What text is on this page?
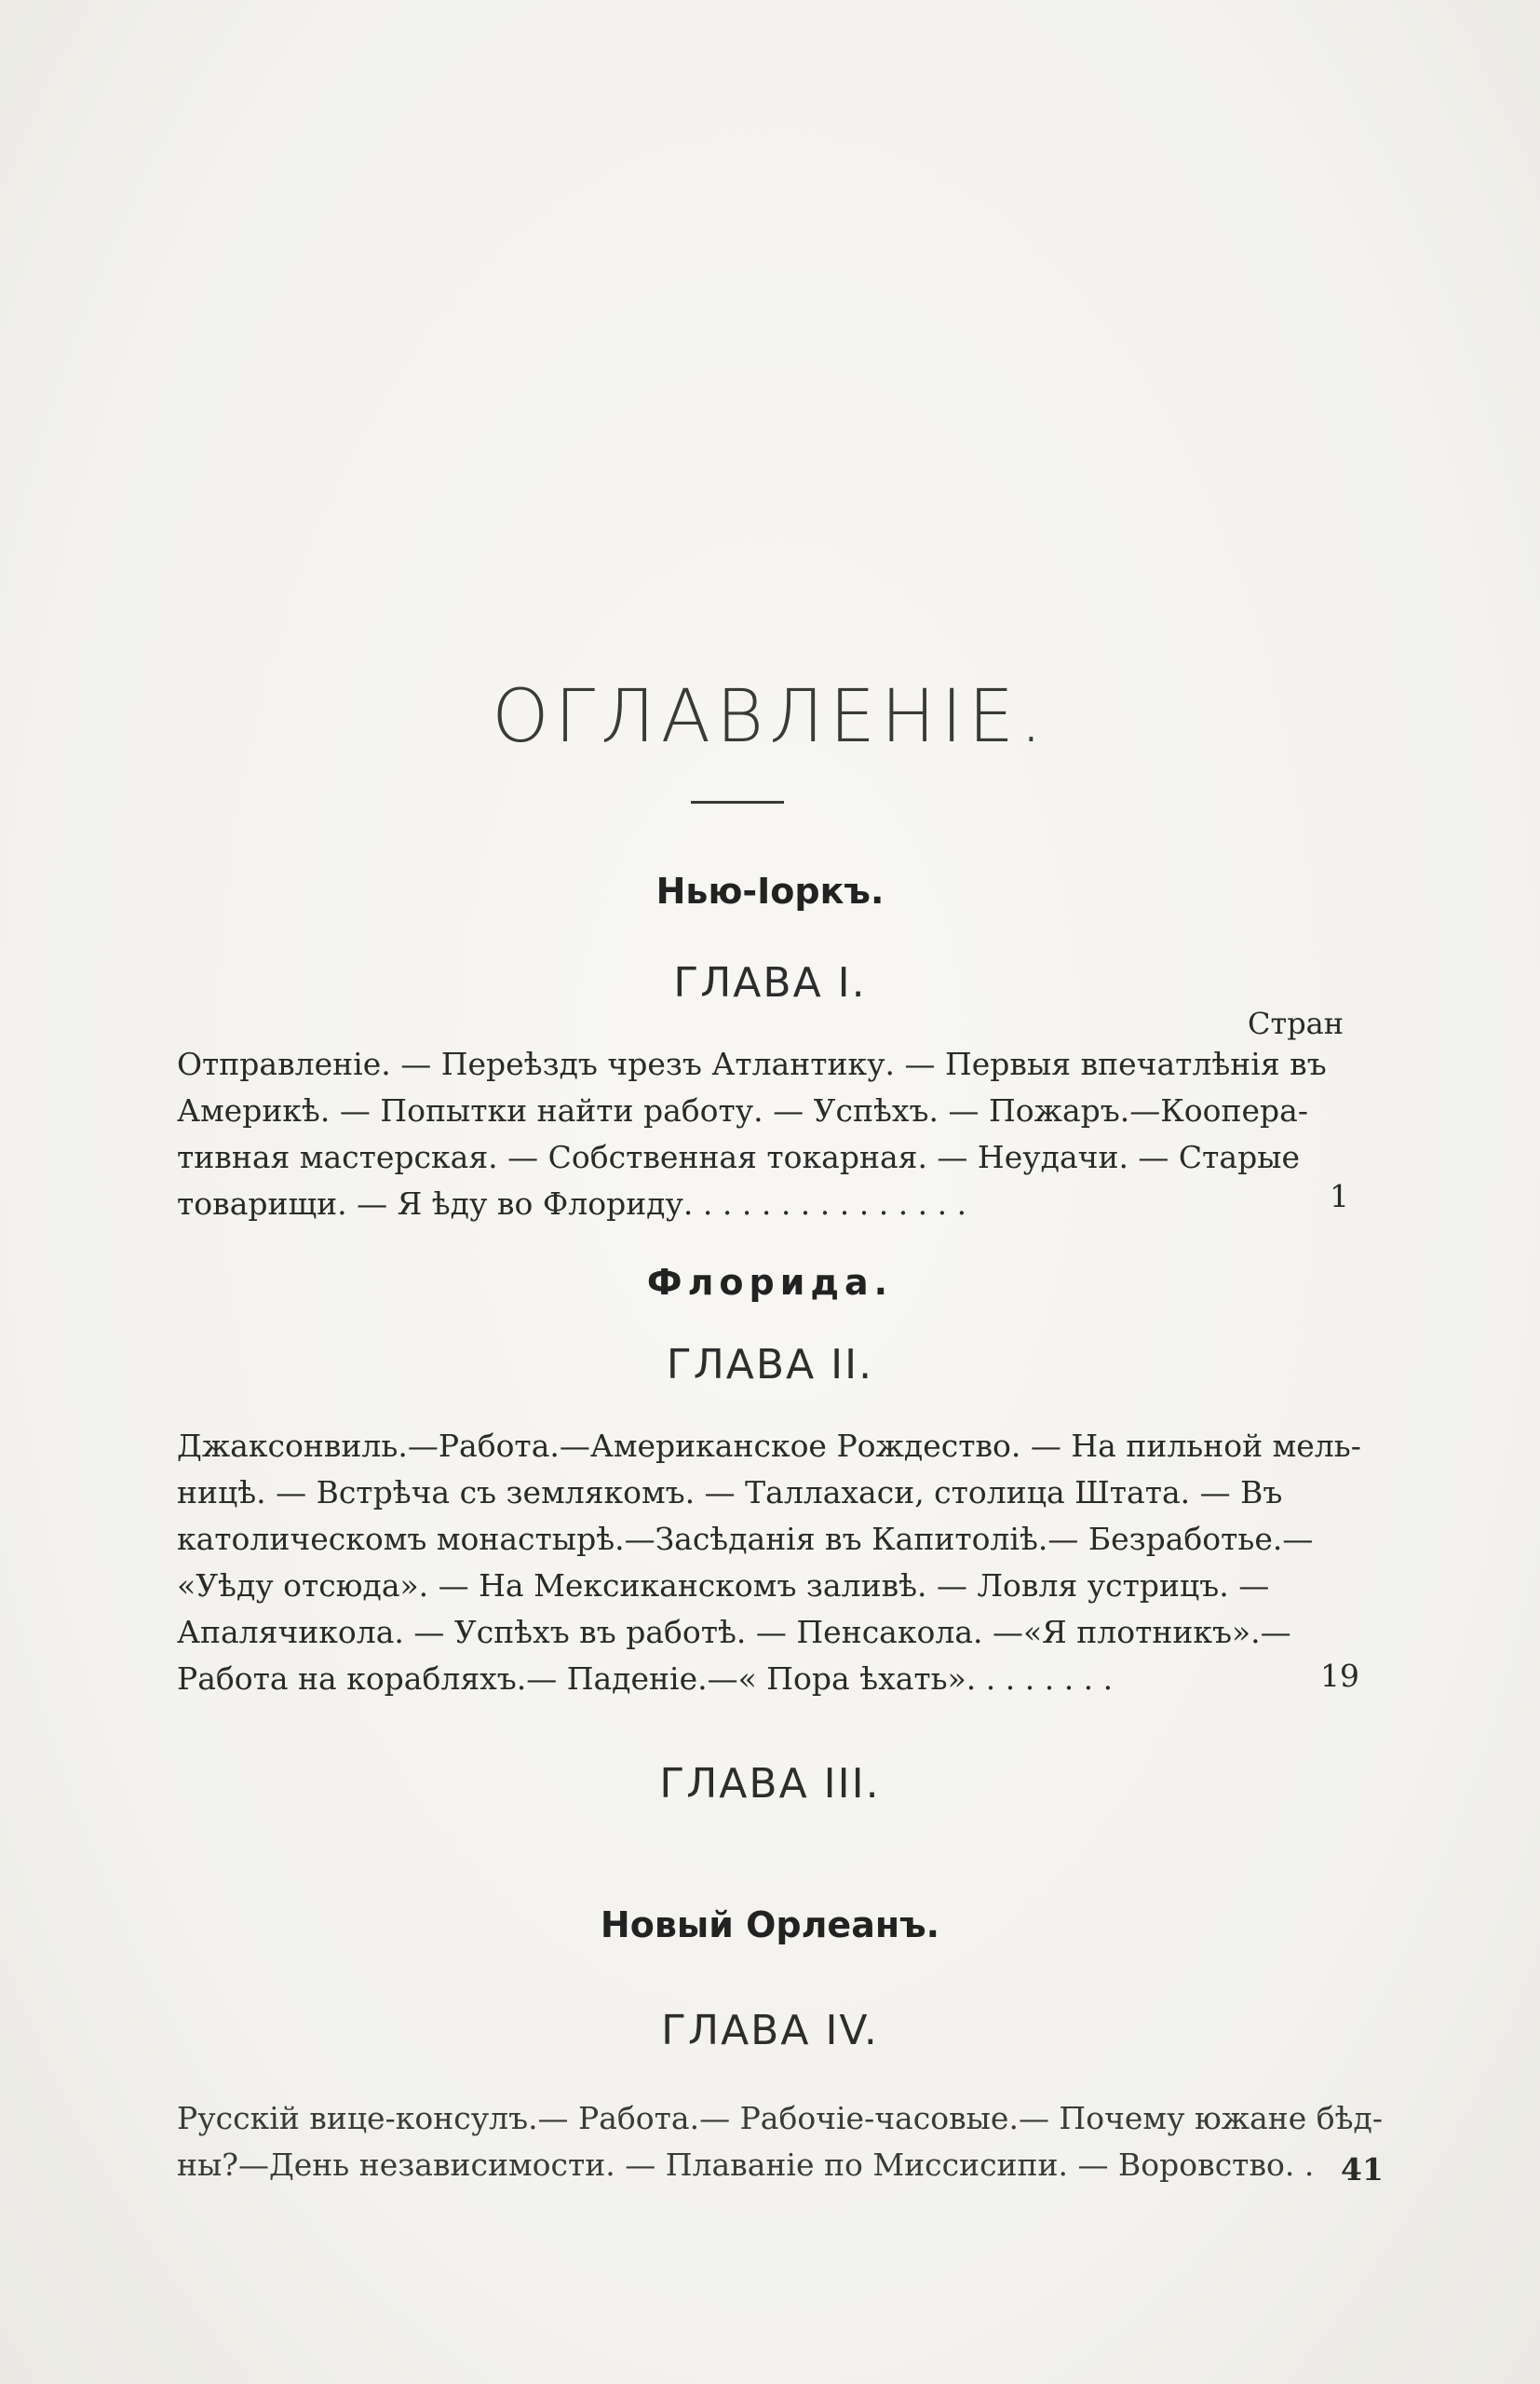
ОГЛАВЛЕНІЕ.
Нью-Іоркъ.
ГЛАВА I.
Стран
Отправленіе. — Переѣздъ чрезъ Атлантику. — Первыя впечатлѣнія въ
Америкѣ. — Попытки найти работу. — Успѣхъ. — Пожаръ.—Коопера-
тивная мастерская. — Собственная токарная. — Неудачи. — Старые
товарищи. — Я ѣду во Флориду. . . . . . . . . . . . . . .	1
Флорида.
ГЛАВА II.
Джаксонвиль.—Работа.—Американское Рождество. — На пильной мель-
ницѣ. — Встрѣча съ землякомъ. — Таллахаси, столица Штата. — Въ
католическомъ монастырѣ.—Засѣданія въ Капитоліѣ.— Безработье.—
«Уѣду отсюда». — На Мексиканскомъ заливѣ. — Ловля устрицъ. —
Апалячикола. — Успѣхъ въ работѣ. — Пенсакола. —«Я плотникъ».—
Работа на корабляхъ.— Паденіе.—« Пора ѣхать». . . . . . . .	19
ГЛАВА III.
Новый Орлеанъ.
ГЛАВА IV.
Русскій вице-консулъ.— Работа.— Рабочіе-часовые.— Почему южане бѣд-
ны?—День независимости. — Плаваніе по Миссисипи. — Воровство. . 41
